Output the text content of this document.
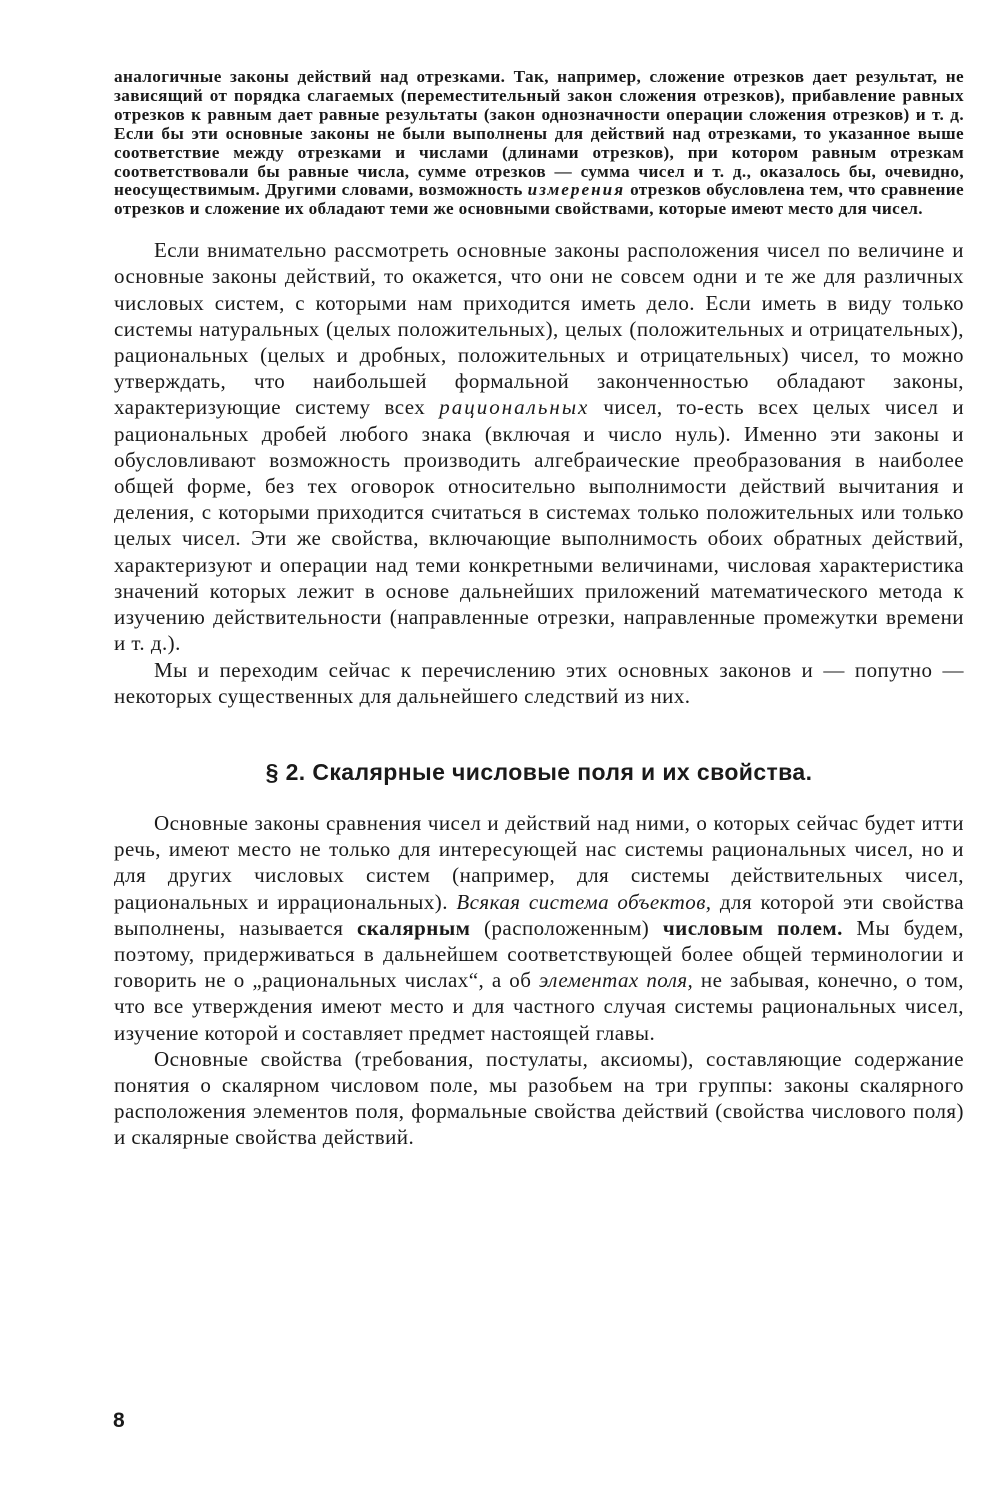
аналогичные законы действий над отрезками. Так, например, сложение отрезков дает результат, не зависящий от порядка слагаемых (переместительный закон сложения отрезков), прибавление равных отрезков к равным дает равные результаты (закон однозначности операции сложения отрезков) и т. д. Если бы эти основные законы не были выполнены для действий над отрезками, то указанное выше соответствие между отрезками и числами (длинами отрезков), при котором равным отрезкам соответствовали бы равные числа, сумме отрезков — сумма чисел и т. д., оказалось бы, очевидно, неосуществимым. Другими словами, возможность измерения отрезков обусловлена тем, что сравнение отрезков и сложение их обладают теми же основными свойствами, которые имеют место для чисел.

Если внимательно рассмотреть основные законы расположения чисел по величине и основные законы действий, то окажется, что они не совсем одни и те же для различных числовых систем, с которыми нам приходится иметь дело. Если иметь в виду только системы натуральных (целых положительных), целых (положительных и отрицательных), рациональных (целых и дробных, положительных и отрицательных) чисел, то можно утверждать, что наибольшей формальной законченностью обладают законы, характеризующие систему всех рациональных чисел, то-есть всех целых чисел и рациональных дробей любого знака (включая и число нуль). Именно эти законы и обусловливают возможность производить алгебраические преобразования в наиболее общей форме, без тех оговорок относительно выполнимости действий вычитания и деления, с которыми приходится считаться в системах только положительных или только целых чисел. Эти же свойства, включающие выполнимость обоих обратных действий, характеризуют и операции над теми конкретными величинами, числовая характеристика значений которых лежит в основе дальнейших приложений математического метода к изучению действительности (направленные отрезки, направленные промежутки времени и т. д.).

Мы и переходим сейчас к перечислению этих основных законов и — попутно — некоторых существенных для дальнейшего следствий из них.

§ 2. Скалярные числовые поля и их свойства.

Основные законы сравнения чисел и действий над ними, о которых сейчас будет итти речь, имеют место не только для интересующей нас системы рациональных чисел, но и для других числовых систем (например, для системы действительных чисел, рациональных и иррациональных). Всякая система объектов, для которой эти свойства выполнены, называется скалярным (расположенным) числовым полем. Мы будем, поэтому, придерживаться в дальнейшем соответствующей более общей терминологии и говорить не о „рациональных числах“, а об элементах поля, не забывая, конечно, о том, что все утверждения имеют место и для частного случая системы рациональных чисел, изучение которой и составляет предмет настоящей главы.

Основные свойства (требования, постулаты, аксиомы), составляющие содержание понятия о скалярном числовом поле, мы разобьем на три группы: законы скалярного расположения элементов поля, формальные свойства действий (свойства числового поля) и скалярные свойства действий.

8
